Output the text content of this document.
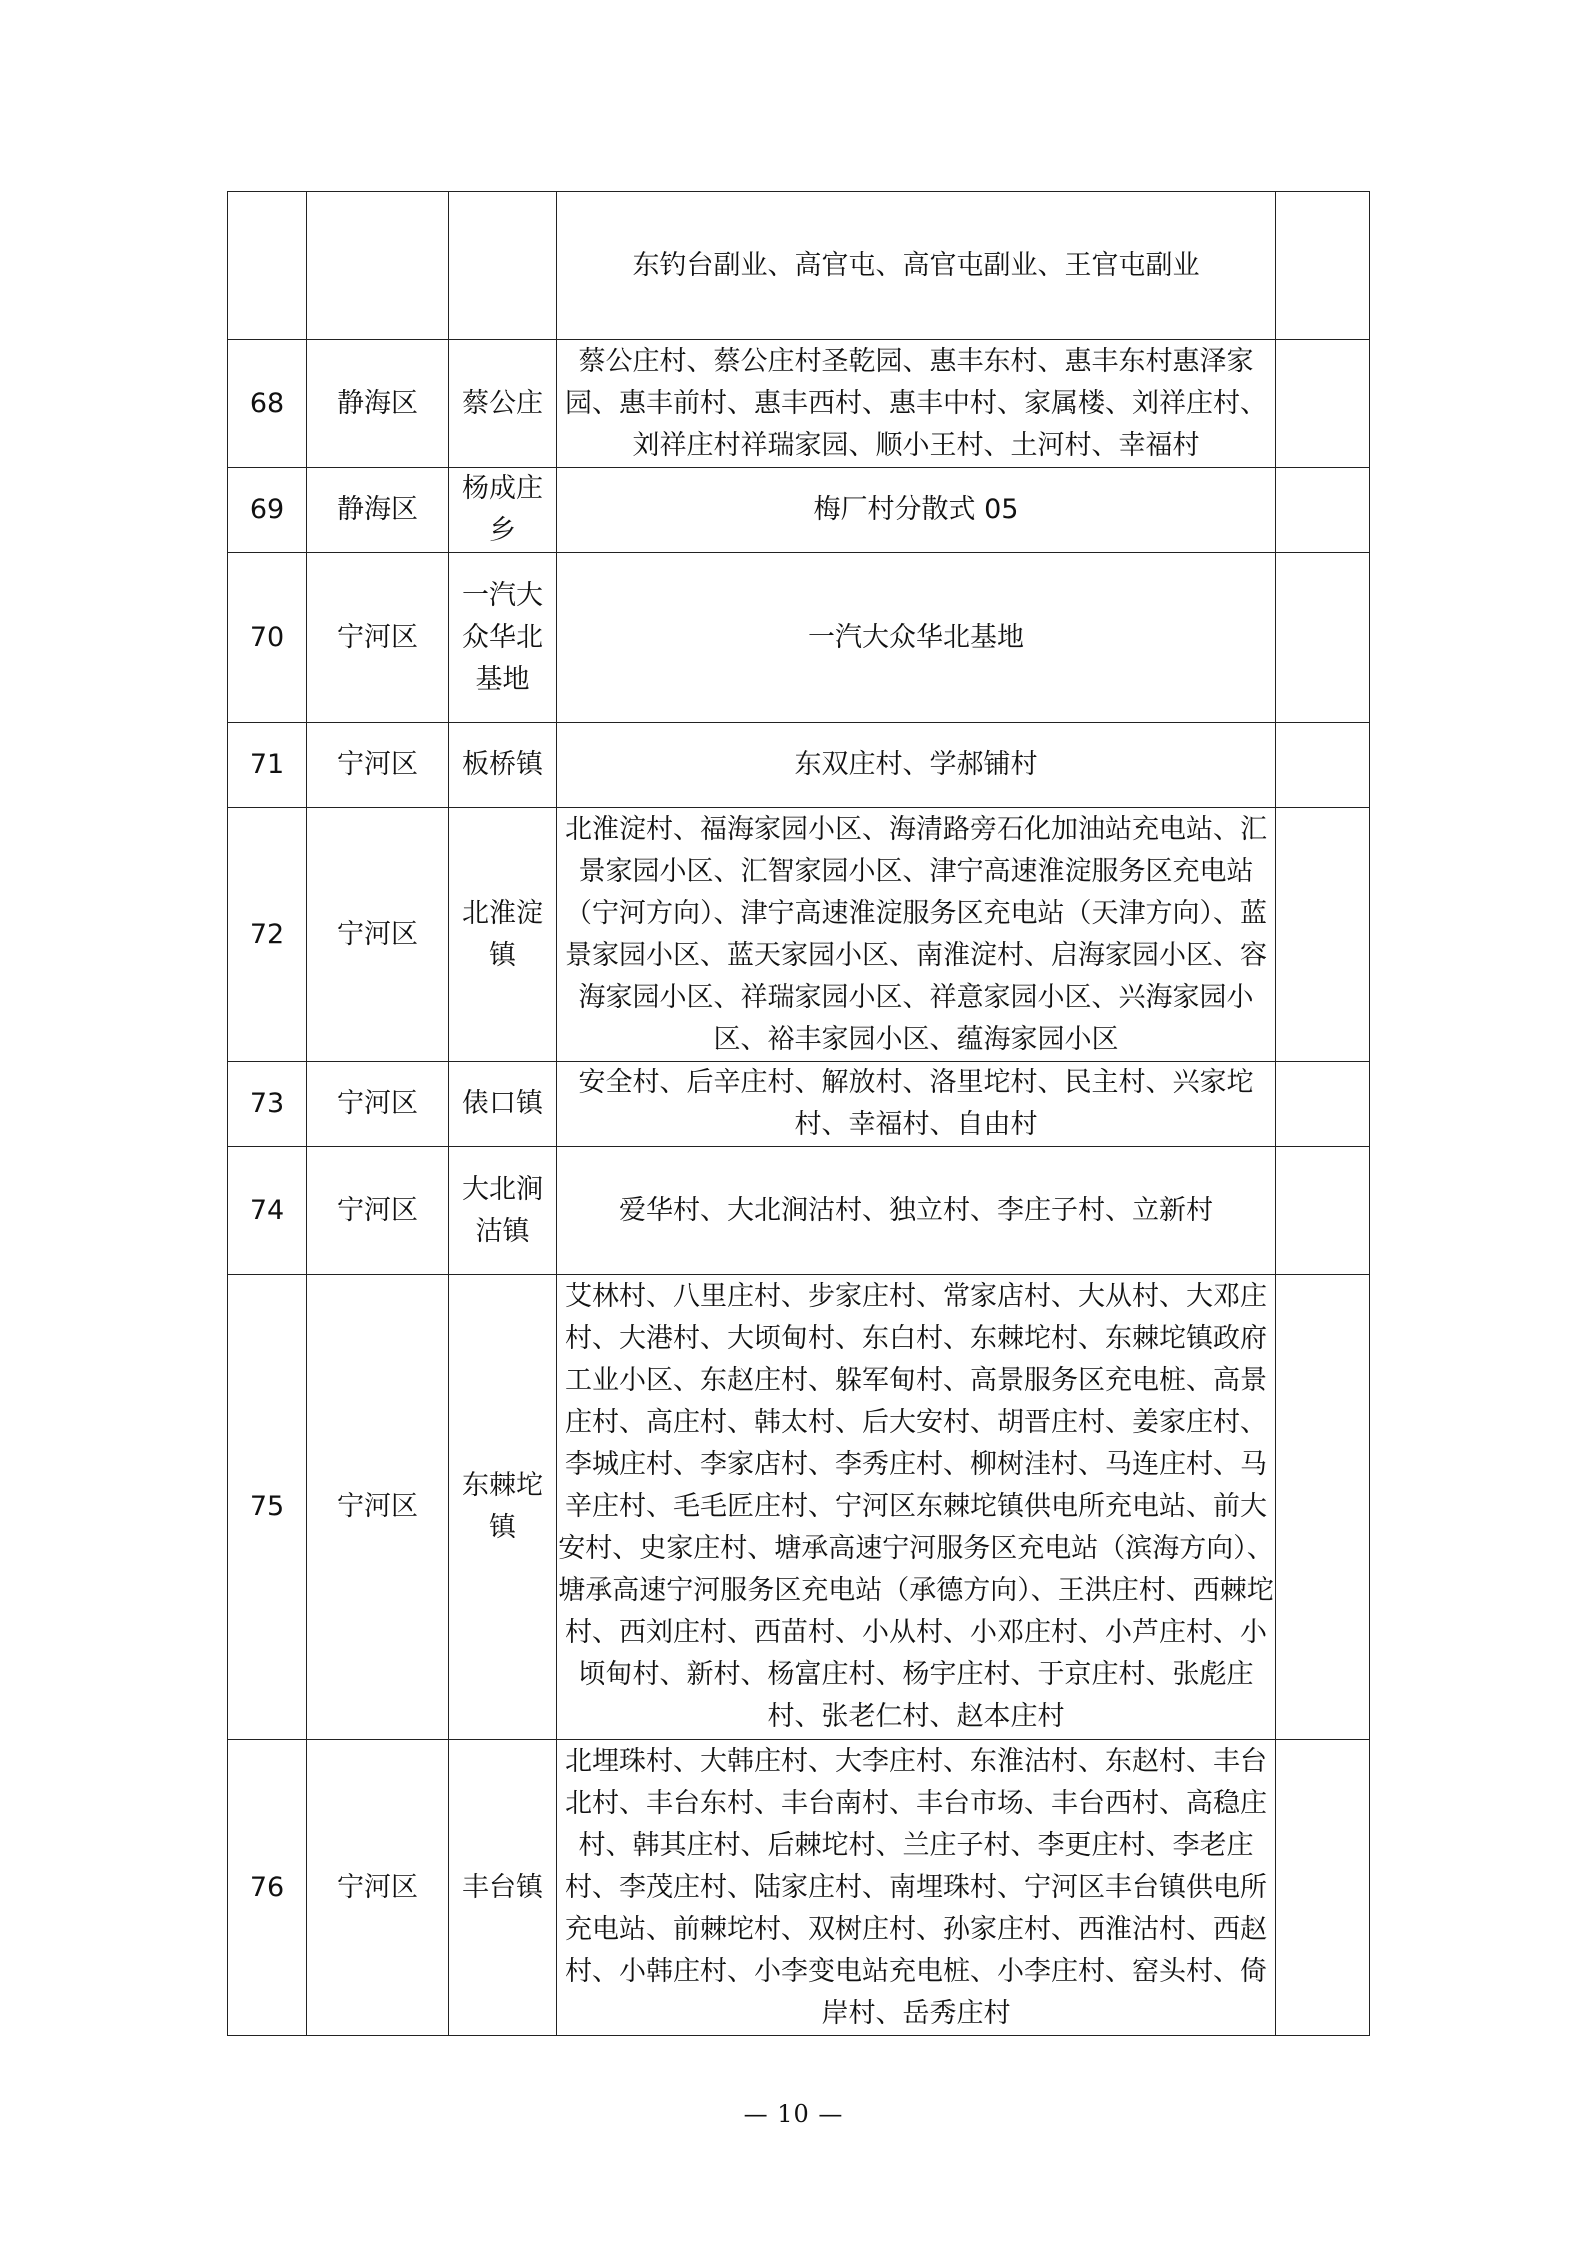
			东钓台副业、高官屯、高官屯副业、王官屯副业	
68	静海区	蔡公庄	蔡公庄村、蔡公庄村圣乾园、惠丰东村、惠丰东村惠泽家园、惠丰前村、惠丰西村、惠丰中村、家属楼、刘祥庄村、刘祥庄村祥瑞家园、顺小王村、土河村、幸福村	
69	静海区	杨成庄乡	梅厂村分散式 05	
70	宁河区	一汽大众华北基地	一汽大众华北基地	
71	宁河区	板桥镇	东双庄村、学郝铺村	
72	宁河区	北淮淀镇	北淮淀村、福海家园小区、海清路旁石化加油站充电站、汇景家园小区、汇智家园小区、津宁高速淮淀服务区充电站（宁河方向）、津宁高速淮淀服务区充电站（天津方向）、蓝景家园小区、蓝天家园小区、南淮淀村、启海家园小区、容海家园小区、祥瑞家园小区、祥意家园小区、兴海家园小区、裕丰家园小区、蕴海家园小区	
73	宁河区	俵口镇	安全村、后辛庄村、解放村、洛里坨村、民主村、兴家坨村、幸福村、自由村	
74	宁河区	大北涧沽镇	爱华村、大北涧沽村、独立村、李庄子村、立新村	
75	宁河区	东棘坨镇	艾林村、八里庄村、步家庄村、常家店村、大从村、大邓庄村、大港村、大顷甸村、东白村、东棘坨村、东棘坨镇政府工业小区、东赵庄村、躲军甸村、高景服务区充电桩、高景庄村、高庄村、韩太村、后大安村、胡晋庄村、姜家庄村、李城庄村、李家店村、李秀庄村、柳树洼村、马连庄村、马辛庄村、毛毛匠庄村、宁河区东棘坨镇供电所充电站、前大安村、史家庄村、塘承高速宁河服务区充电站（滨海方向）、塘承高速宁河服务区充电站（承德方向）、王洪庄村、西棘坨村、西刘庄村、西苗村、小从村、小邓庄村、小芦庄村、小顷甸村、新村、杨富庄村、杨宇庄村、于京庄村、张彪庄村、张老仁村、赵本庄村	
76	宁河区	丰台镇	北埋珠村、大韩庄村、大李庄村、东淮沽村、东赵村、丰台北村、丰台东村、丰台南村、丰台市场、丰台西村、高稳庄村、韩其庄村、后棘坨村、兰庄子村、李更庄村、李老庄村、李茂庄村、陆家庄村、南埋珠村、宁河区丰台镇供电所充电站、前棘坨村、双树庄村、孙家庄村、西淮沽村、西赵村、小韩庄村、小李变电站充电桩、小李庄村、窑头村、倚岸村、岳秀庄村	
— 10 —
